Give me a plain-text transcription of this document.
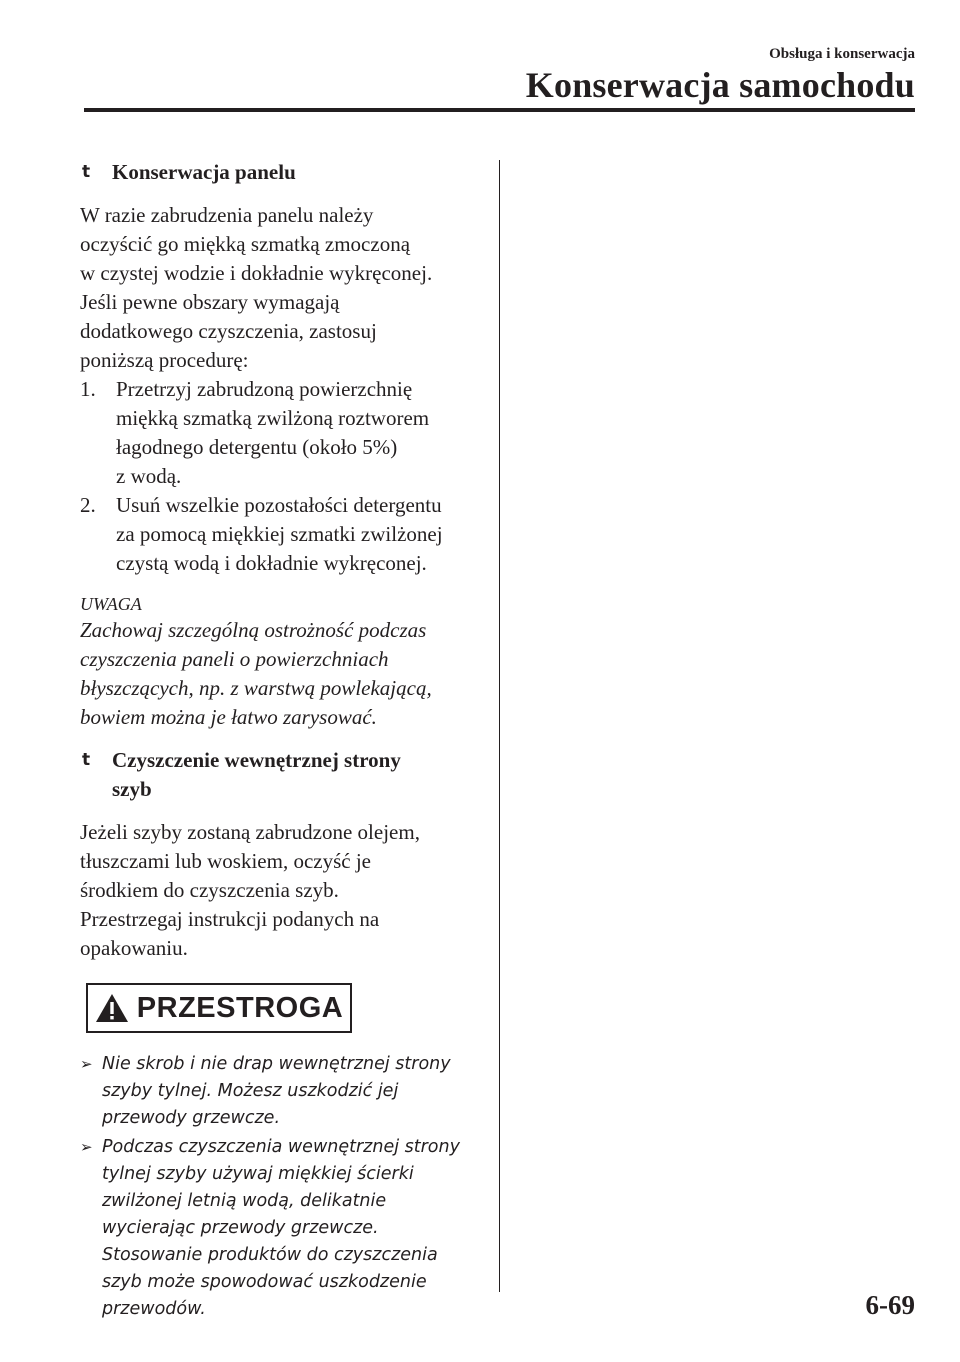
Obsługa i konserwacja
Konserwacja samochodu
t	Konserwacja panelu
W razie zabrudzenia panelu należy
oczyścić go miękką szmatką zmoczoną
w czystej wodzie i dokładnie wykręconej.
Jeśli pewne obszary wymagają
dodatkowego czyszczenia, zastosuj
poniższą procedurę:
1. Przetrzyj zabrudzoną powierzchnię
miękką szmatką zwilżoną roztworem
łagodnego detergentu (około 5%)
z wodą.
2. Usuń wszelkie pozostałości detergentu
za pomocą miękkiej szmatki zwilżonej
czystą wodą i dokładnie wykręconej.
UWAGA
Zachowaj szczególną ostrożność podczas
czyszczenia paneli o powierzchniach
błyszczących, np. z warstwą powlekającą,
bowiem można je łatwo zarysować.
t	Czyszczenie wewnętrznej strony
szyb
Jeżeli szyby zostaną zabrudzone olejem,
tłuszczami lub woskiem, oczyść je
środkiem do czyszczenia szyb.
Przestrzegaj instrukcji podanych na
opakowaniu.
PRZESTROGA
➢ Nie skrob i nie drap wewnętrznej strony
szyby tylnej. Możesz uszkodzić jej
przewody grzewcze.
➢ Podczas czyszczenia wewnętrznej strony
tylnej szyby używaj miękkiej ścierki
zwilżonej letnią wodą, delikatnie
wycierając przewody grzewcze.
Stosowanie produktów do czyszczenia
szyb może spowodować uszkodzenie
przewodów.	6-69
